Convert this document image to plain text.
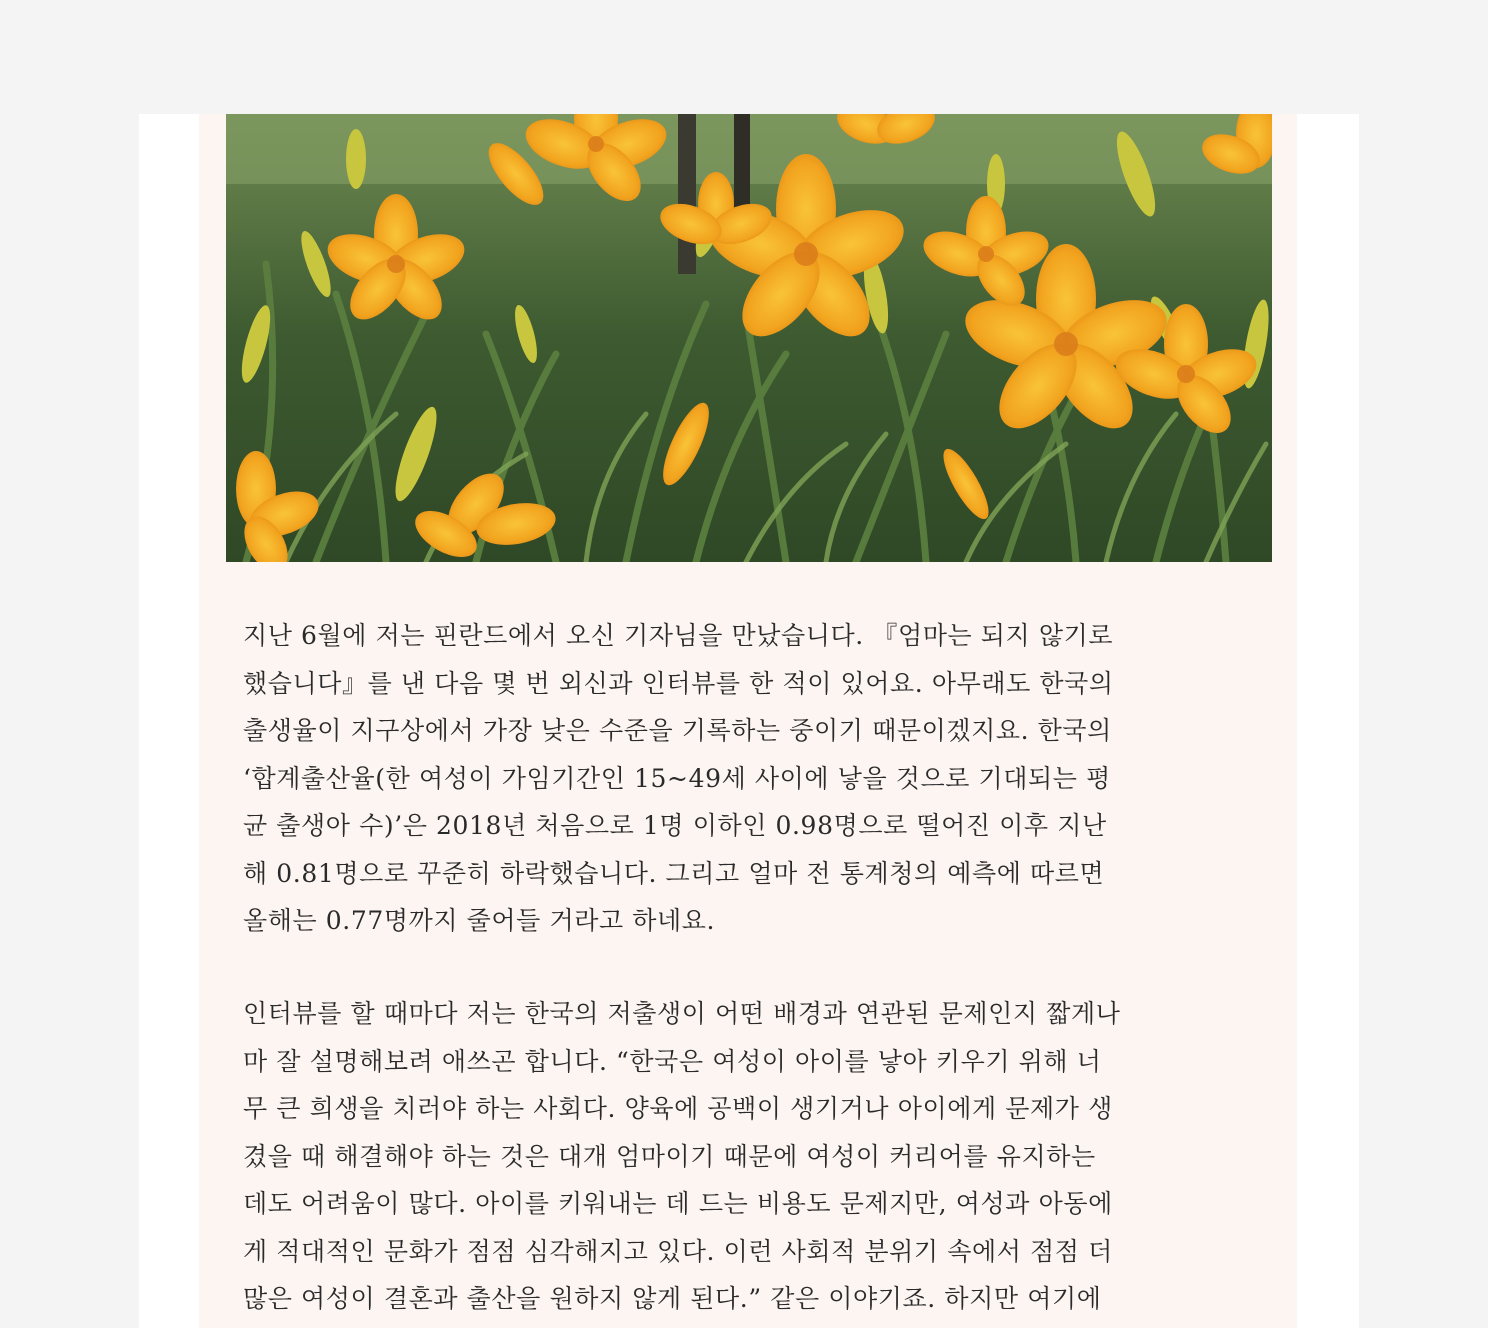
지난 6월에 저는 핀란드에서 오신 기자님을 만났습니다. 『엄마는 되지 않기로
했습니다』를 낸 다음 몇 번 외신과 인터뷰를 한 적이 있어요. 아무래도 한국의
출생율이 지구상에서 가장 낮은 수준을 기록하는 중이기 때문이겠지요. 한국의
‘합계출산율(한 여성이 가임기간인 15~49세 사이에 낳을 것으로 기대되는 평
균 출생아 수)’은 2018년 처음으로 1명 이하인 0.98명으로 떨어진 이후 지난
해 0.81명으로 꾸준히 하락했습니다. 그리고 얼마 전 통계청의 예측에 따르면
올해는 0.77명까지 줄어들 거라고 하네요.
인터뷰를 할 때마다 저는 한국의 저출생이 어떤 배경과 연관된 문제인지 짧게나
마 잘 설명해보려 애쓰곤 합니다. “한국은 여성이 아이를 낳아 키우기 위해 너
무 큰 희생을 치러야 하는 사회다. 양육에 공백이 생기거나 아이에게 문제가 생
겼을 때 해결해야 하는 것은 대개 엄마이기 때문에 여성이 커리어를 유지하는
데도 어려움이 많다. 아이를 키워내는 데 드는 비용도 문제지만, 여성과 아동에
게 적대적인 문화가 점점 심각해지고 있다. 이런 사회적 분위기 속에서 점점 더
많은 여성이 결혼과 출산을 원하지 않게 된다.” 같은 이야기죠. 하지만 여기에
